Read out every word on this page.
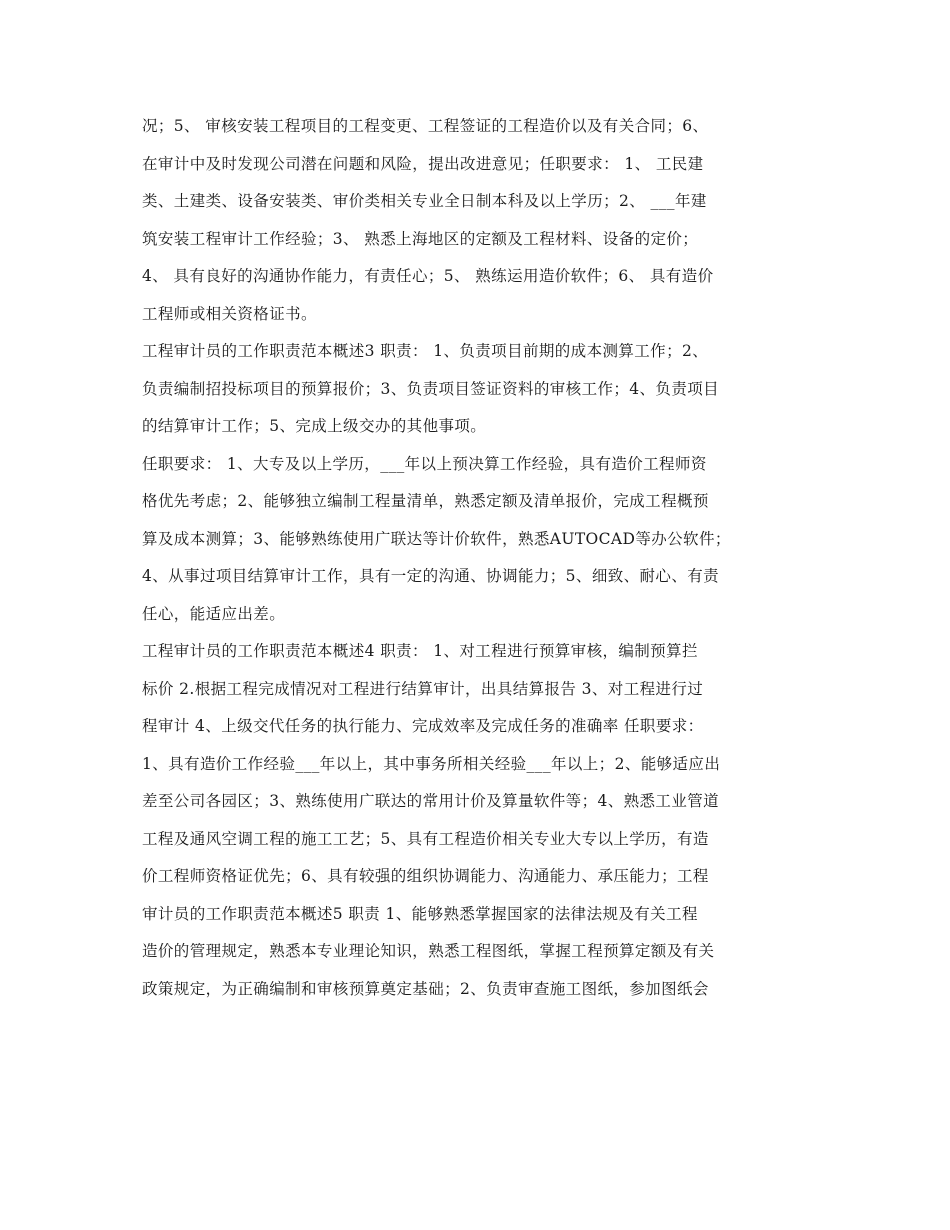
况；5、 审核安装工程项目的工程变更、工程签证的工程造价以及有关合同；6、
在审计中及时发现公司潜在问题和风险，提出改进意见；任职要求： 1、 工民建
类、土建类、设备安装类、审价类相关专业全日制本科及以上学历；2、 ___年建
筑安装工程审计工作经验；3、 熟悉上海地区的定额及工程材料、设备的定价；
4、 具有良好的沟通协作能力，有责任心；5、 熟练运用造价软件；6、 具有造价
工程师或相关资格证书。
工程审计员的工作职责范本概述3 职责： 1、负责项目前期的成本测算工作；2、
负责编制招投标项目的预算报价；3、负责项目签证资料的审核工作；4、负责项目
的结算审计工作；5、完成上级交办的其他事项。
任职要求： 1、大专及以上学历，___年以上预决算工作经验，具有造价工程师资
格优先考虑；2、能够独立编制工程量清单，熟悉定额及清单报价，完成工程概预
算及成本测算；3、能够熟练使用广联达等计价软件，熟悉AUTOCAD等办公软件；
4、从事过项目结算审计工作，具有一定的沟通、协调能力；5、细致、耐心、有责
任心，能适应出差。
工程审计员的工作职责范本概述4 职责： 1、对工程进行预算审核，编制预算拦
标价 2.根据工程完成情况对工程进行结算审计，出具结算报告 3、对工程进行过
程审计 4、上级交代任务的执行能力、完成效率及完成任务的准确率 任职要求：
1、具有造价工作经验___年以上，其中事务所相关经验___年以上；2、能够适应出
差至公司各园区；3、熟练使用广联达的常用计价及算量软件等；4、熟悉工业管道
工程及通风空调工程的施工工艺；5、具有工程造价相关专业大专以上学历，有造
价工程师资格证优先；6、具有较强的组织协调能力、沟通能力、承压能力；工程
审计员的工作职责范本概述5 职责 1、能够熟悉掌握国家的法律法规及有关工程
造价的管理规定，熟悉本专业理论知识，熟悉工程图纸，掌握工程预算定额及有关
政策规定，为正确编制和审核预算奠定基础；2、负责审查施工图纸，参加图纸会
